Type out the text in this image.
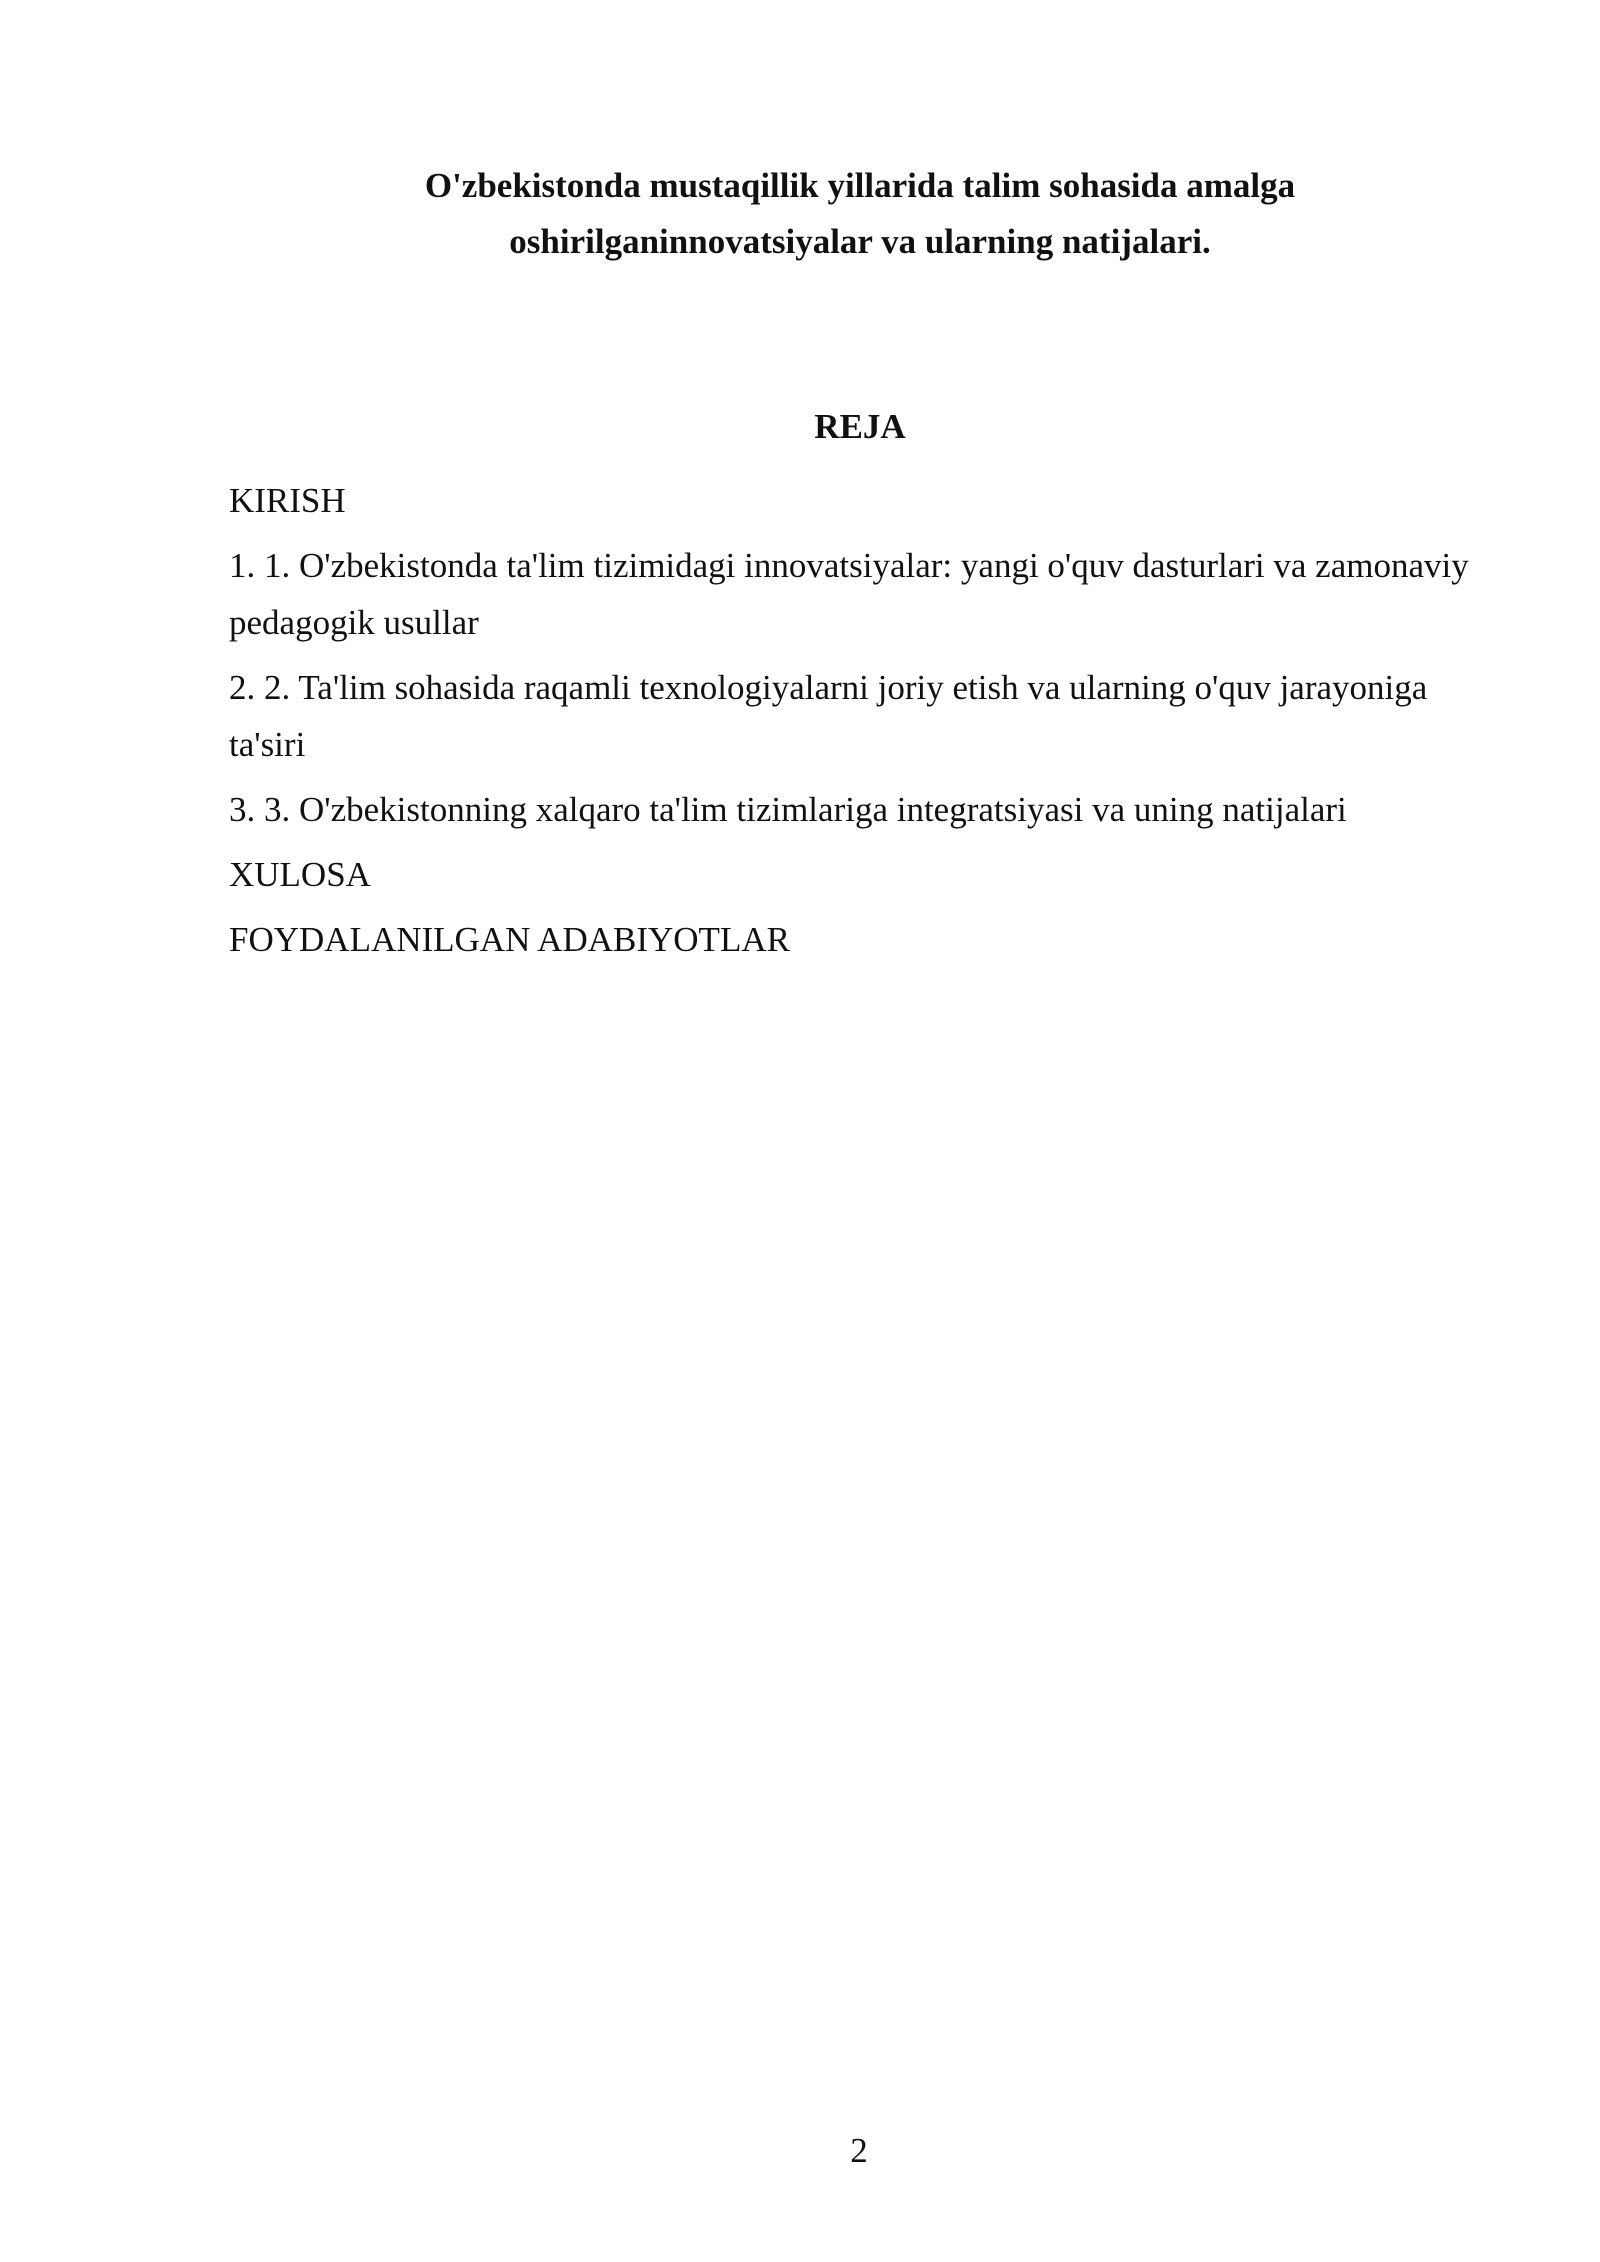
O'zbekistonda mustaqillik yillarida talim sohasida amalga
oshirilganinnovatsiyalar va ularning natijalari.
REJA
KIRISH
1. 1. O'zbekistonda ta'lim tizimidagi innovatsiyalar: yangi o'quv dasturlari va zamonaviy pedagogik usullar
2. 2. Ta'lim sohasida raqamli texnologiyalarni joriy etish va ularning o'quv jarayoniga ta'siri
3. 3. O'zbekistonning xalqaro ta'lim tizimlariga integratsiyasi va uning natijalari
XULOSA
FOYDALANILGAN ADABIYOTLAR
2
